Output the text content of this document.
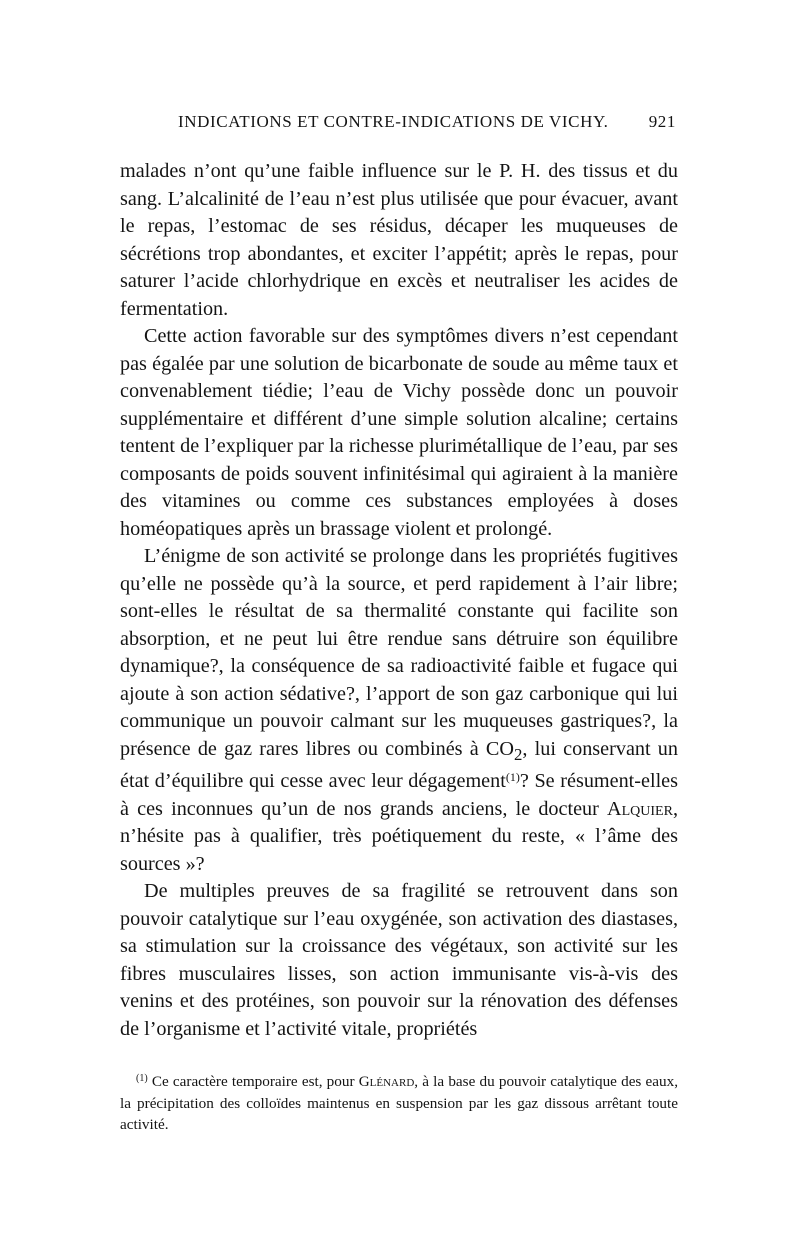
INDICATIONS ET CONTRE-INDICATIONS DE VICHY. 921

malades n’ont qu’une faible influence sur le P. H. des tissus et du sang. L’alcalinité de l’eau n’est plus utilisée que pour évacuer, avant le repas, l’estomac de ses résidus, décaper les muqueuses de sécrétions trop abondantes, et exciter l’appétit; après le repas, pour saturer l’acide chlorhydrique en excès et neutraliser les acides de fermentation.

Cette action favorable sur des symptômes divers n’est cependant pas égalée par une solution de bicarbonate de soude au même taux et convenablement tiédie; l’eau de Vichy possède donc un pouvoir supplémentaire et différent d’une simple solution alcaline; certains tentent de l’expliquer par la richesse plurimétallique de l’eau, par ses composants de poids souvent infinitésimal qui agiraient à la manière des vitamines ou comme ces substances employées à doses homéopatiques après un brassage violent et prolongé.

L’énigme de son activité se prolonge dans les propriétés fugitives qu’elle ne possède qu’à la source, et perd rapidement à l’air libre; sont-elles le résultat de sa thermalité constante qui facilite son absorption, et ne peut lui être rendue sans détruire son équilibre dynamique?, la conséquence de sa radioactivité faible et fugace qui ajoute à son action sédative?, l’apport de son gaz carbonique qui lui communique un pouvoir calmant sur les muqueuses gastriques?, la présence de gaz rares libres ou combinés à $CO_2$, lui conservant un état d’équilibre qui cesse avec leur dégagement$^{(1)}$? Se résument-elles à ces inconnues qu’un de nos grands anciens, le docteur Alquier, n’hésite pas à qualifier, très poétiquement du reste, « l’âme des sources »?

De multiples preuves de sa fragilité se retrouvent dans son pouvoir catalytique sur l’eau oxygénée, son activation des diastases, sa stimulation sur la croissance des végétaux, son activité sur les fibres musculaires lisses, son action immunisante vis-à-vis des venins et des protéines, son pouvoir sur la rénovation des défenses de l’organisme et l’activité vitale, propriétés

$^{(1)}$ Ce caractère temporaire est, pour Glénard, à la base du pouvoir catalytique des eaux, la précipitation des colloïdes maintenus en suspension par les gaz dissous arrêtant toute activité.
